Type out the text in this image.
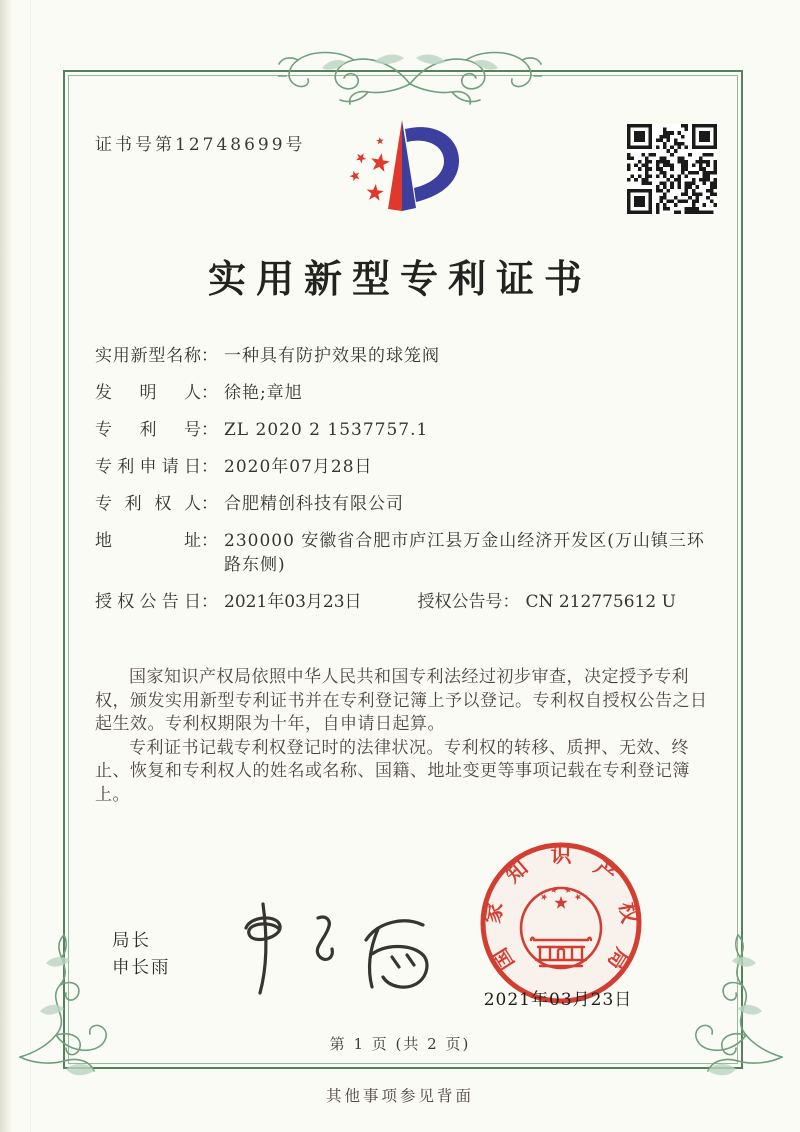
证书号第12748699号
实用新型专利证书
实用新型名称 ： 一种具有防护效果的球笼阀
发明人 ： 徐艳;章旭
专利号 ： ZL 2020 2 1537757.1
专利申请日 ： 2020年07月28日
专利权人 ： 合肥精创科技有限公司
地址 ： 230000 安徽省合肥市庐江县万金山经济开发区(万山镇三环路东侧)
授权公告日 ： 2021年03月23日	授权公告号 ： CN 212775612 U

国家知识产权局依照中华人民共和国专利法经过初步审查，决定授予专利权，颁发实用新型专利证书并在专利登记簿上予以登记。专利权自授权公告之日起生效。专利权期限为十年，自申请日起算。

专利证书记载专利权登记时的法律状况。专利权的转移、质押、无效、终止、恢复和专利权人的姓名或名称、国籍、地址变更等事项记载在专利登记簿上。

局长
申长雨	国
家
知
识
产
权
局
2021年03月23日
第 1 页 (共 2 页)
其他事项参见背面
